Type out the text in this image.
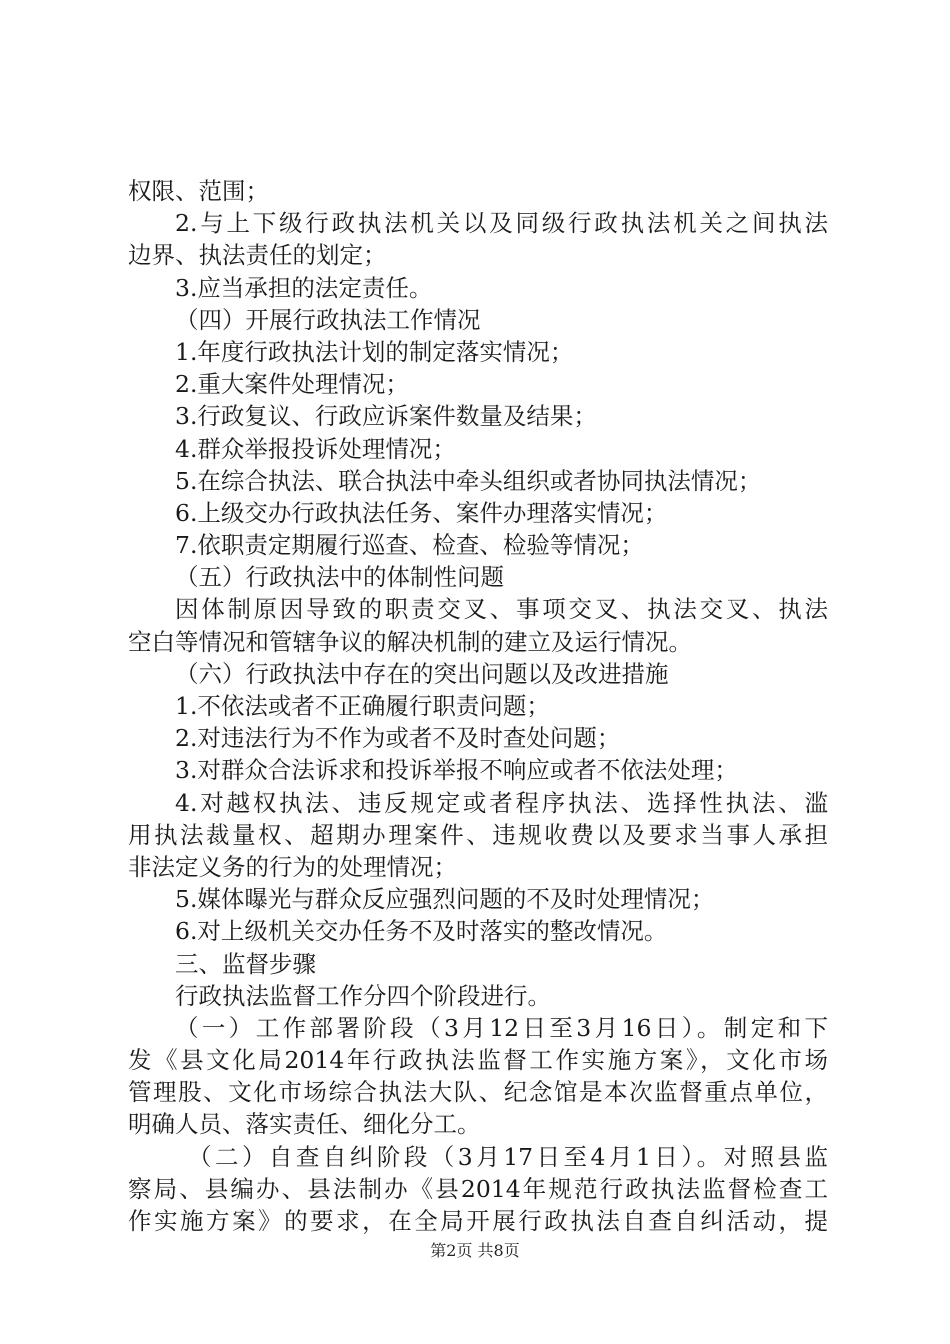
权限、范围；
2.与上下级行政执法机关以及同级行政执法机关之间执法
边界、执法责任的划定；
3.应当承担的法定责任。
（四）开展行政执法工作情况
1.年度行政执法计划的制定落实情况；
2.重大案件处理情况；
3.行政复议、行政应诉案件数量及结果；
4.群众举报投诉处理情况；
5.在综合执法、联合执法中牵头组织或者协同执法情况；
6.上级交办行政执法任务、案件办理落实情况；
7.依职责定期履行巡查、检查、检验等情况；
（五）行政执法中的体制性问题
因体制原因导致的职责交叉、事项交叉、执法交叉、执法
空白等情况和管辖争议的解决机制的建立及运行情况。
（六）行政执法中存在的突出问题以及改进措施
1.不依法或者不正确履行职责问题；
2.对违法行为不作为或者不及时查处问题；
3.对群众合法诉求和投诉举报不响应或者不依法处理；
4.对越权执法、违反规定或者程序执法、选择性执法、滥
用执法裁量权、超期办理案件、违规收费以及要求当事人承担
非法定义务的行为的处理情况；
5.媒体曝光与群众反应强烈问题的不及时处理情况；
6.对上级机关交办任务不及时落实的整改情况。
三、监督步骤
行政执法监督工作分四个阶段进行。
（一）工作部署阶段（3月12日至3月16日）。制定和下
发《县文化局2014年行政执法监督工作实施方案》，文化市场
管理股、文化市场综合执法大队、纪念馆是本次监督重点单位，
明确人员、落实责任、细化分工。
（二）自查自纠阶段（3月17日至4月1日）。对照县监
察局、县编办、县法制办《县2014年规范行政执法监督检查工
作实施方案》的要求，在全局开展行政执法自查自纠活动，提
第2页 共8页
